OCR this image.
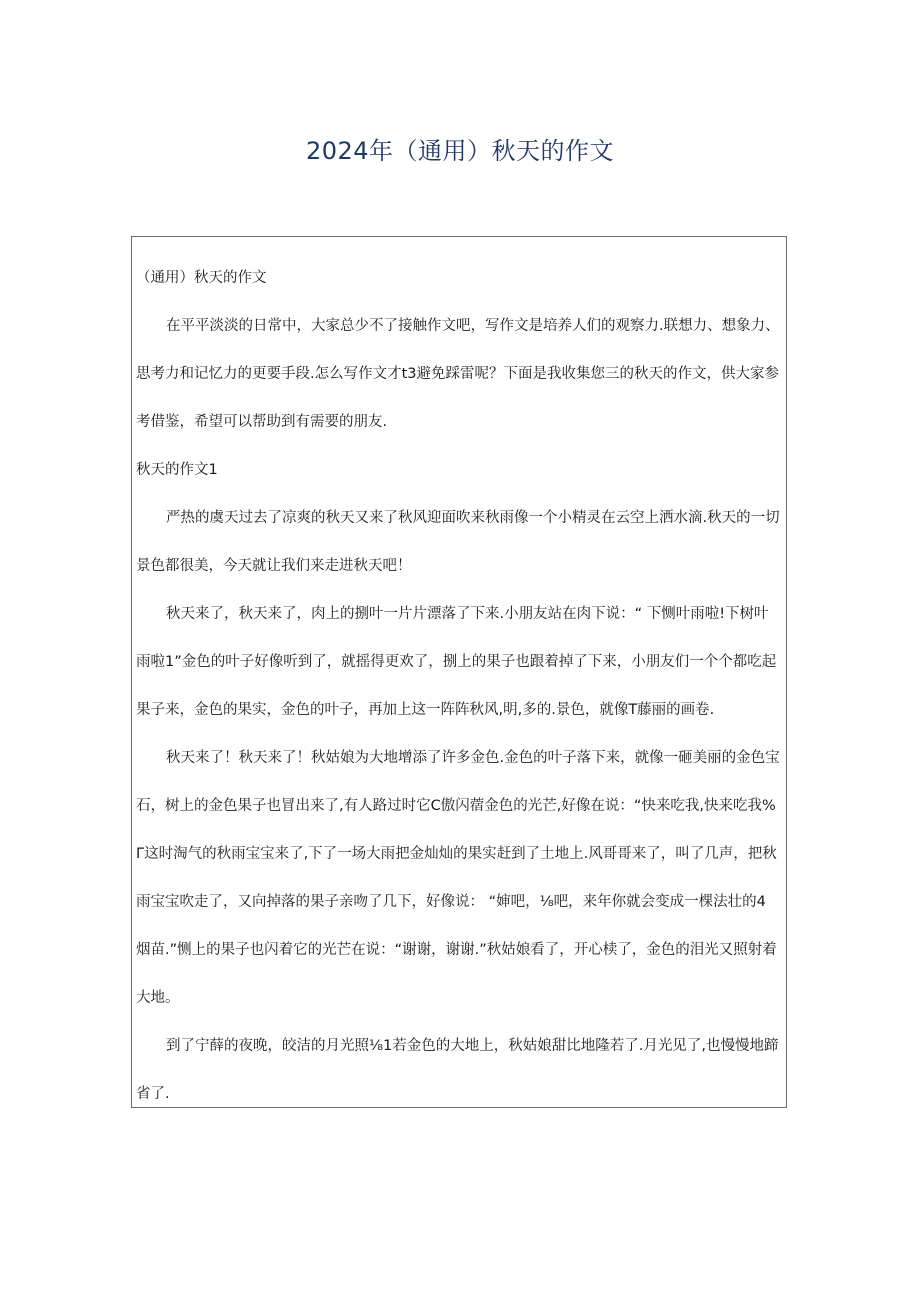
2024年（通用）秋天的作文
（通用）秋天的作文
在平平淡淡的日常中，大家总少不了接触作文吧，写作文是培养人们的观察力.联想力、想象力、
思考力和记忆力的更要手段.怎么写作文才t3避免踩雷呢？下面是我收集您三的秋天的作文，供大家参
考借鉴，希望可以帮助到有需要的朋友.
秋天的作文1
严热的虞天过去了凉爽的秋天又来了秋风迎面吹来秋雨像一个小精灵在云空上洒水滴.秋天的一切
景色都很美，今天就让我们来走进秋天吧！
秋天来了，秋天来了，肉上的捌叶一片片漂落了下来.小朋友站在肉下说：“ 下恻叶雨啦!下树叶
雨啦1”金色的叶子好像听到了，就摇得更欢了，捌上的果子也跟着掉了下来，小朋友们一个个都吃起
果子来，金色的果实，金色的叶子，再加上这一阵阵秋风,明,多的.景色，就像T藤丽的画卷.
秋天来了！秋天来了！秋姑娘为大地增添了许多金色.金色的叶子落下来，就像一砸美丽的金色宝
石，树上的金色果子也冒出来了,有人路过时它C傲闪蓿金色的光芒,好像在说：“快来吃我,快来吃我%
Γ这时淘气的秋雨宝宝来了,下了一场大雨把金灿灿的果实赶到了土地上.风哥哥来了，叫了几声，把秋
雨宝宝吹走了，又向掉落的果子亲吻了几下，好像说： “婶吧，⅛吧，来年你就会变成一棵法壮的4
烟苗.”恻上的果子也闪着它的光芒在说：“谢谢，谢谢.”秋姑娘看了，开心椟了，金色的泪光又照射着
大地。
到了宁薛的夜晚，皎洁的月光照⅛1若金色的大地上，秋姑娘甜比地隆若了.月光见了,也慢慢地蹄
省了.
